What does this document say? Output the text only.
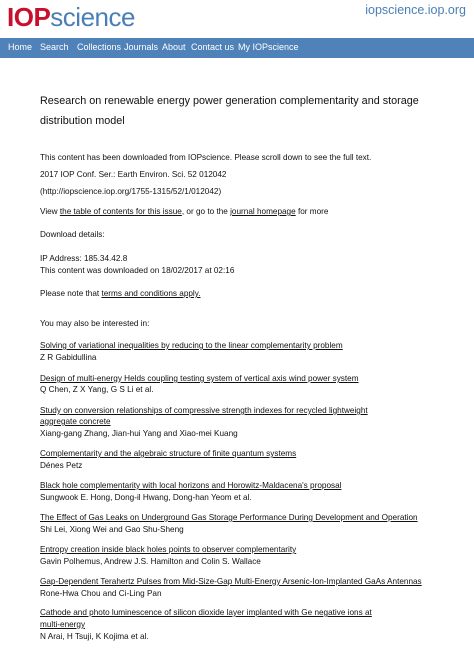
IOPscience	iopscience.iop.org
Home Search Collections Journals About Contact us My IOPscience
Research on renewable energy power generation complementarity and storage distribution model
This content has been downloaded from IOPscience. Please scroll down to see the full text.
2017 IOP Conf. Ser.: Earth Environ. Sci. 52 012042
(http://iopscience.iop.org/1755-1315/52/1/012042)
View the table of contents for this issue, or go to the journal homepage for more
Download details:
IP Address: 185.34.42.8
This content was downloaded on 18/02/2017 at 02:16
Please note that terms and conditions apply.
You may also be interested in:
Solving of variational inequalities by reducing to the linear complementarity problem
Z R Gabidullina
Design of multi-energy Helds coupling testing system of vertical axis wind power system
Q Chen, Z X Yang, G S Li et al.
Study on conversion relationships of compressive strength indexes for recycled lightweight
aggregate concrete
Xiang-gang Zhang, Jian-hui Yang and Xiao-mei Kuang
Complementarity and the algebraic structure of finite quantum systems
Dénes Petz
Black hole complementarity with local horizons and Horowitz-Maldacena's proposal
Sungwook E. Hong, Dong-il Hwang, Dong-han Yeom et al.
The Effect of Gas Leaks on Underground Gas Storage Performance During Development and Operation
Shi Lei, Xiong Wei and Gao Shu-Sheng
Entropy creation inside black holes points to observer complementarity
Gavin Polhemus, Andrew J.S. Hamilton and Colin S. Wallace
Gap-Dependent Terahertz Pulses from Mid-Size-Gap Multi-Energy Arsenic-Ion-Implanted GaAs Antennas
Rone-Hwa Chou and Ci-Ling Pan
Cathode and photo luminescence of silicon dioxide layer implanted with Ge negative ions at
multi-energy
N Arai, H Tsuji, K Kojima et al.
